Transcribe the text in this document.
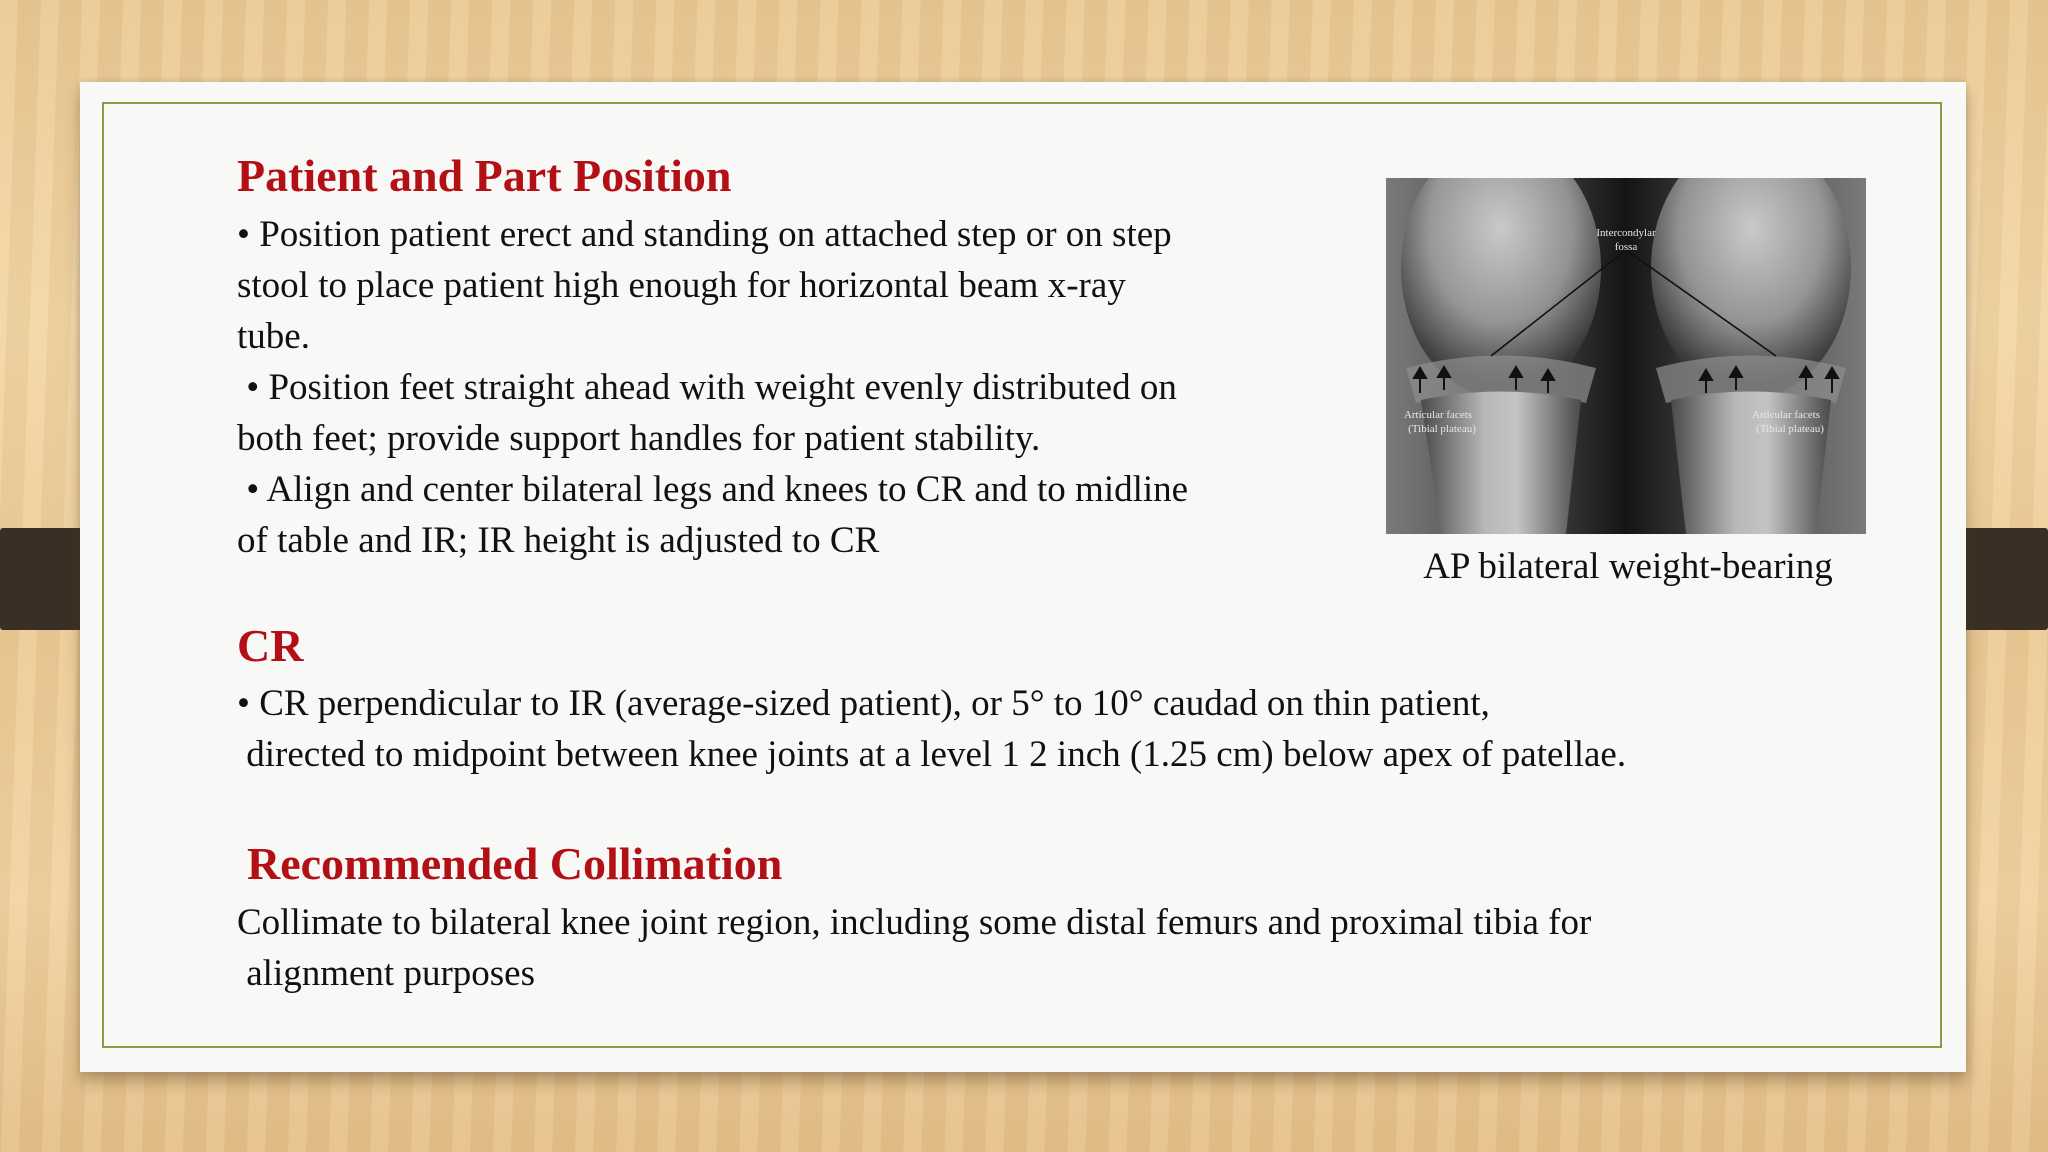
Patient and Part Position
• Position patient erect and standing on attached step or on step
stool to place patient high enough for horizontal beam x-ray
tube.
• Position feet straight ahead with weight evenly distributed on
both feet; provide support handles for patient stability.
• Align and center bilateral legs and knees to CR and to midline
of table and IR; IR height is adjusted to CR
Intercondylar
fossa
Articular facets
(Tibial plateau)
Articular facets
(Tibial plateau)
AP bilateral weight-bearing
CR
• CR perpendicular to IR (average-sized patient), or 5° to 10° caudad on thin patient,
directed to midpoint between knee joints at a level 1 2 inch (1.25 cm) below apex of patellae.
Recommended Collimation
Collimate to bilateral knee joint region, including some distal femurs and proximal tibia for
alignment purposes
